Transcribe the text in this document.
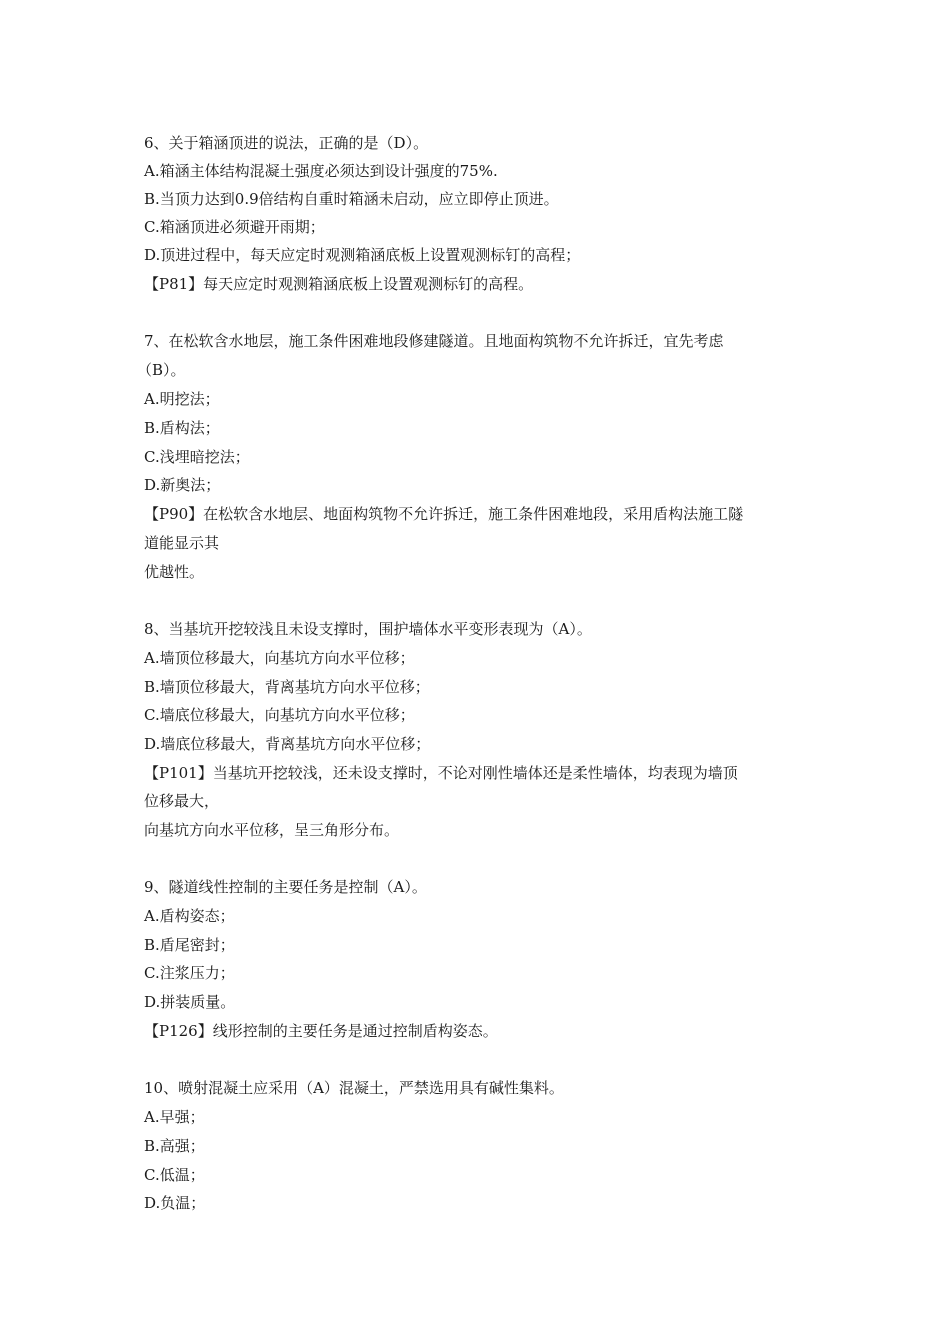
6、关于箱涵顶进的说法，正确的是（D）。
A.箱涵主体结构混凝土强度必须达到设计强度的75%.
B.当顶力达到0.9倍结构自重时箱涵未启动，应立即停止顶进。
C.箱涵顶进必须避开雨期；
D.顶进过程中，每天应定时观测箱涵底板上设置观测标钉的高程；
【P81】每天应定时观测箱涵底板上设置观测标钉的高程。
7、在松软含水地层，施工条件困难地段修建隧道。且地面构筑物不允许拆迁，宜先考虑
（B）。
A.明挖法；
B.盾构法；
C.浅埋暗挖法；
D.新奥法；
【P90】在松软含水地层、地面构筑物不允许拆迁，施工条件困难地段，采用盾构法施工隧
道能显示其
优越性。
8、当基坑开挖较浅且未设支撑时，围护墙体水平变形表现为（A）。
A.墙顶位移最大，向基坑方向水平位移；
B.墙顶位移最大，背离基坑方向水平位移；
C.墙底位移最大，向基坑方向水平位移；
D.墙底位移最大，背离基坑方向水平位移；
【P101】当基坑开挖较浅，还未设支撑时，不论对刚性墙体还是柔性墙体，均表现为墙顶
位移最大，
向基坑方向水平位移，呈三角形分布。
9、隧道线性控制的主要任务是控制（A）。
A.盾构姿态；
B.盾尾密封；
C.注浆压力；
D.拼装质量。
【P126】线形控制的主要任务是通过控制盾构姿态。
10、喷射混凝土应采用（A）混凝土，严禁选用具有碱性集料。
A.早强；
B.高强；
C.低温；
D.负温；
